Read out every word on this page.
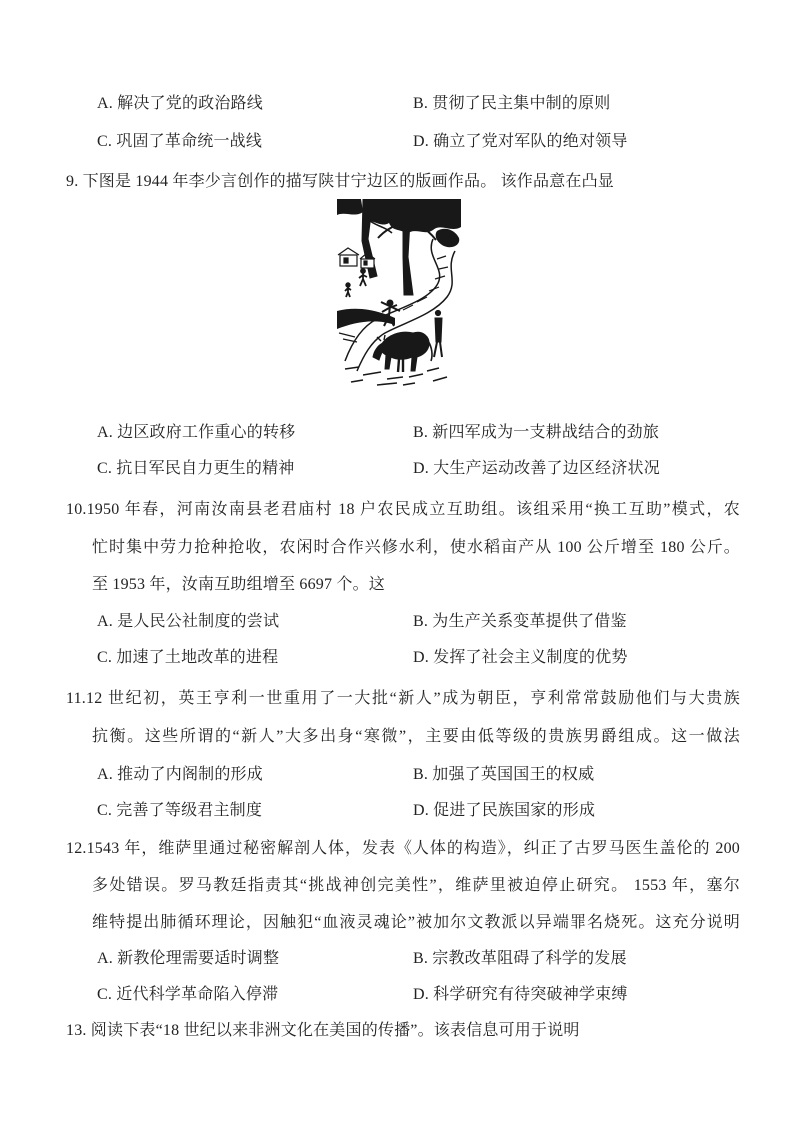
A. 解决了党的政治路线	B. 贯彻了民主集中制的原则
C. 巩固了革命统一战线	D. 确立了党对军队的绝对领导
9. 下图是 1944 年李少言创作的描写陕甘宁边区的版画作品。 该作品意在凸显
A. 边区政府工作重心的转移	B. 新四军成为一支耕战结合的劲旅
C. 抗日军民自力更生的精神	D. 大生产运动改善了边区经济状况
10.1950 年春，河南汝南县老君庙村 18 户农民成立互助组。该组采用“换工互助”模式，农
忙时集中劳力抢种抢收，农闲时合作兴修水利，使水稻亩产从 100 公斤增至 180 公斤。
至 1953 年，汝南互助组增至 6697 个。这
A. 是人民公社制度的尝试	B. 为生产关系变革提供了借鉴
C. 加速了土地改革的进程	D. 发挥了社会主义制度的优势
11.12 世纪初，英王亨利一世重用了一大批“新人”成为朝臣，亨利常常鼓励他们与大贵族
抗衡。这些所谓的“新人”大多出身“寒微”，主要由低等级的贵族男爵组成。这一做法
A. 推动了内阁制的形成	B. 加强了英国国王的权威
C. 完善了等级君主制度	D. 促进了民族国家的形成
12.1543 年，维萨里通过秘密解剖人体，发表《人体的构造》，纠正了古罗马医生盖伦的 200
多处错误。罗马教廷指责其“挑战神创完美性”，维萨里被迫停止研究。 1553 年，塞尔
维特提出肺循环理论，因触犯“血液灵魂论”被加尔文教派以异端罪名烧死。这充分说明
A. 新教伦理需要适时调整	B. 宗教改革阻碍了科学的发展
C. 近代科学革命陷入停滞	D. 科学研究有待突破神学束缚
13. 阅读下表“18 世纪以来非洲文化在美国的传播”。该表信息可用于说明
